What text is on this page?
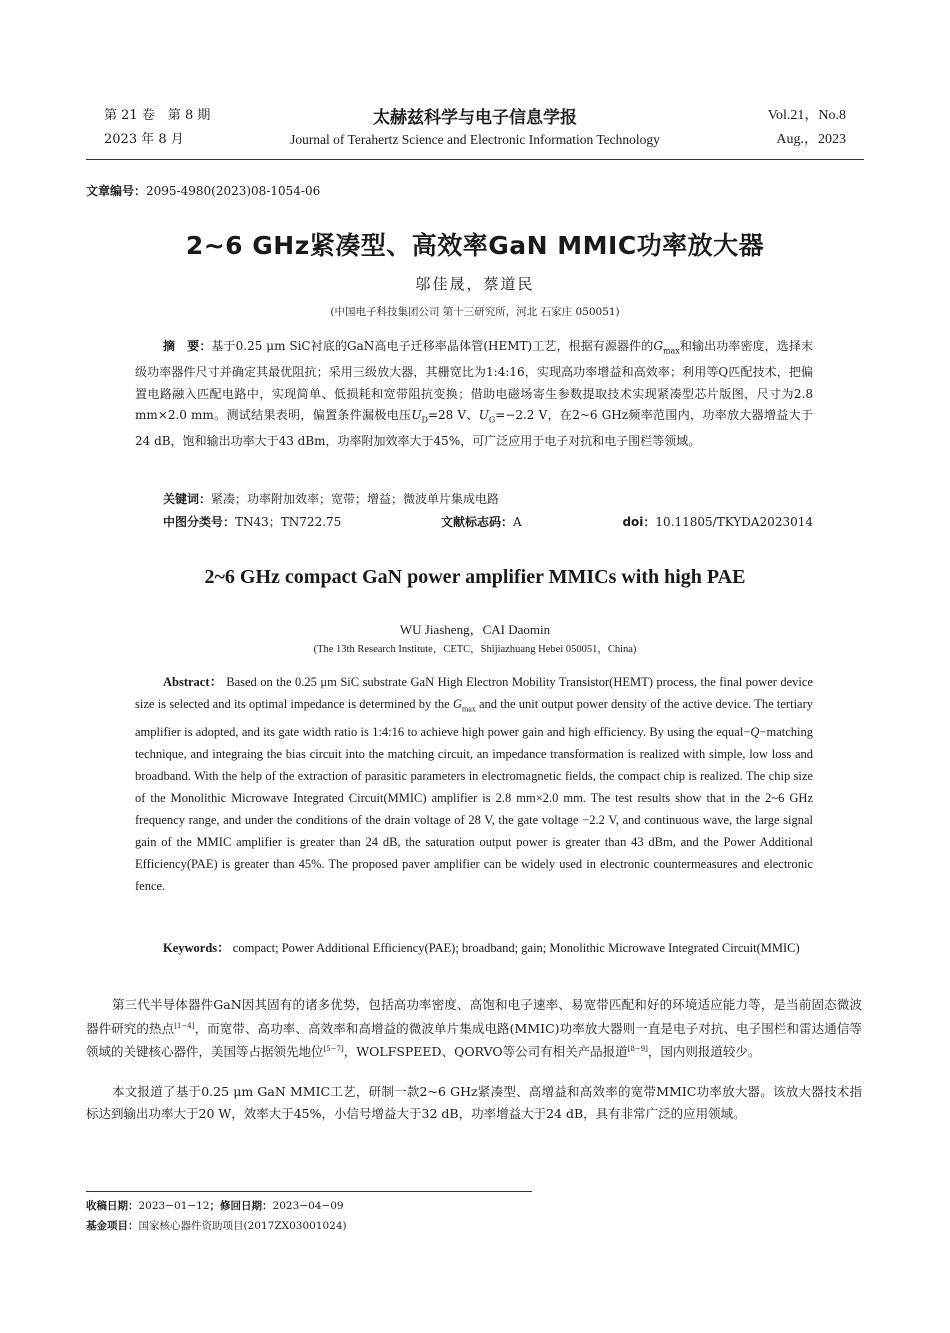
第 21 卷　第 8 期
2023 年 8 月
太赫兹科学与电子信息学报
Journal of Terahertz Science and Electronic Information Technology
Vol.21，No.8
Aug.，2023
文章编号：2095-4980(2023)08-1054-06
2~6 GHz紧凑型、高效率GaN MMIC功率放大器
邬佳晟，蔡道民
(中国电子科技集团公司 第十三研究所，河北 石家庄 050051)
摘　要：基于0.25 μm SiC衬底的GaN高电子迁移率晶体管(HEMT)工艺，根据有源器件的$G_{max}$和输出功率密度，选择末级功率器件尺寸并确定其最优阻抗；采用三级放大器，其栅宽比为1:4:16，实现高功率增益和高效率；利用等Q匹配技术，把偏置电路融入匹配电路中，实现简单、低损耗和宽带阻抗变换；借助电磁场寄生参数提取技术实现紧凑型芯片版图，尺寸为2.8 mm×2.0 mm。测试结果表明，偏置条件漏极电压$U_D=28$ V、$U_G=-2.2$ V，在2~6 GHz频率范围内，功率放大器增益大于24 dB，饱和输出功率大于43 dBm，功率附加效率大于45%，可广泛应用于电子对抗和电子围栏等领域。
关键词：紧凑；功率附加效率；宽带；增益；微波单片集成电路
中图分类号：TN43；TN722.75	文献标志码：A	doi：10.11805/TKYDA2023014
2~6 GHz compact GaN power amplifier MMICs with high PAE
WU Jiasheng，CAI Daomin
(The 13th Research Institute，CETC，Shijiazhuang Hebei 050051，China)
Abstract： Based on the 0.25 μm SiC substrate GaN High Electron Mobility Transistor(HEMT) process, the final power device size is selected and its optimal impedance is determined by the $G_{max}$ and the unit output power density of the active device. The tertiary amplifier is adopted, and its gate width ratio is 1:4:16 to achieve high power gain and high efficiency. By using the equal−Q−matching technique, and integraing the bias circuit into the matching circuit, an impedance transformation is realized with simple, low loss and broadband. With the help of the extraction of parasitic parameters in electromagnetic fields, the compact chip is realized. The chip size of the Monolithic Microwave Integrated Circuit(MMIC) amplifier is 2.8 mm×2.0 mm. The test results show that in the 2~6 GHz frequency range, and under the conditions of the drain voltage of 28 V, the gate voltage −2.2 V, and continuous wave, the large signal gain of the MMIC amplifier is greater than 24 dB, the saturation output power is greater than 43 dBm, and the Power Additional Efficiency(PAE) is greater than 45%. The proposed paver amplifier can be widely used in electronic countermeasures and electronic fence.
Keywords： compact; Power Additional Efficiency(PAE); broadband; gain; Monolithic Microwave Integrated Circuit(MMIC)
第三代半导体器件GaN因其固有的诸多优势，包括高功率密度、高饱和电子速率、易宽带匹配和好的环境适应能力等，是当前固态微波器件研究的热点[1−4]，而宽带、高功率、高效率和高增益的微波单片集成电路(MMIC)功率放大器则一直是电子对抗、电子围栏和雷达通信等领域的关键核心器件，美国等占据领先地位[5−7]，WOLFSPEED、QORVO等公司有相关产品报道[8−9]，国内则报道较少。
本文报道了基于0.25 μm GaN MMIC工艺，研制一款2~6 GHz紧凑型、高增益和高效率的宽带MMIC功率放大器。该放大器技术指标达到输出功率大于20 W，效率大于45%，小信号增益大于32 dB，功率增益大于24 dB，具有非常广泛的应用领域。
收稿日期：2023−01−12；修回日期：2023−04−09
基金项目：国家核心器件资助项目(2017ZX03001024)
